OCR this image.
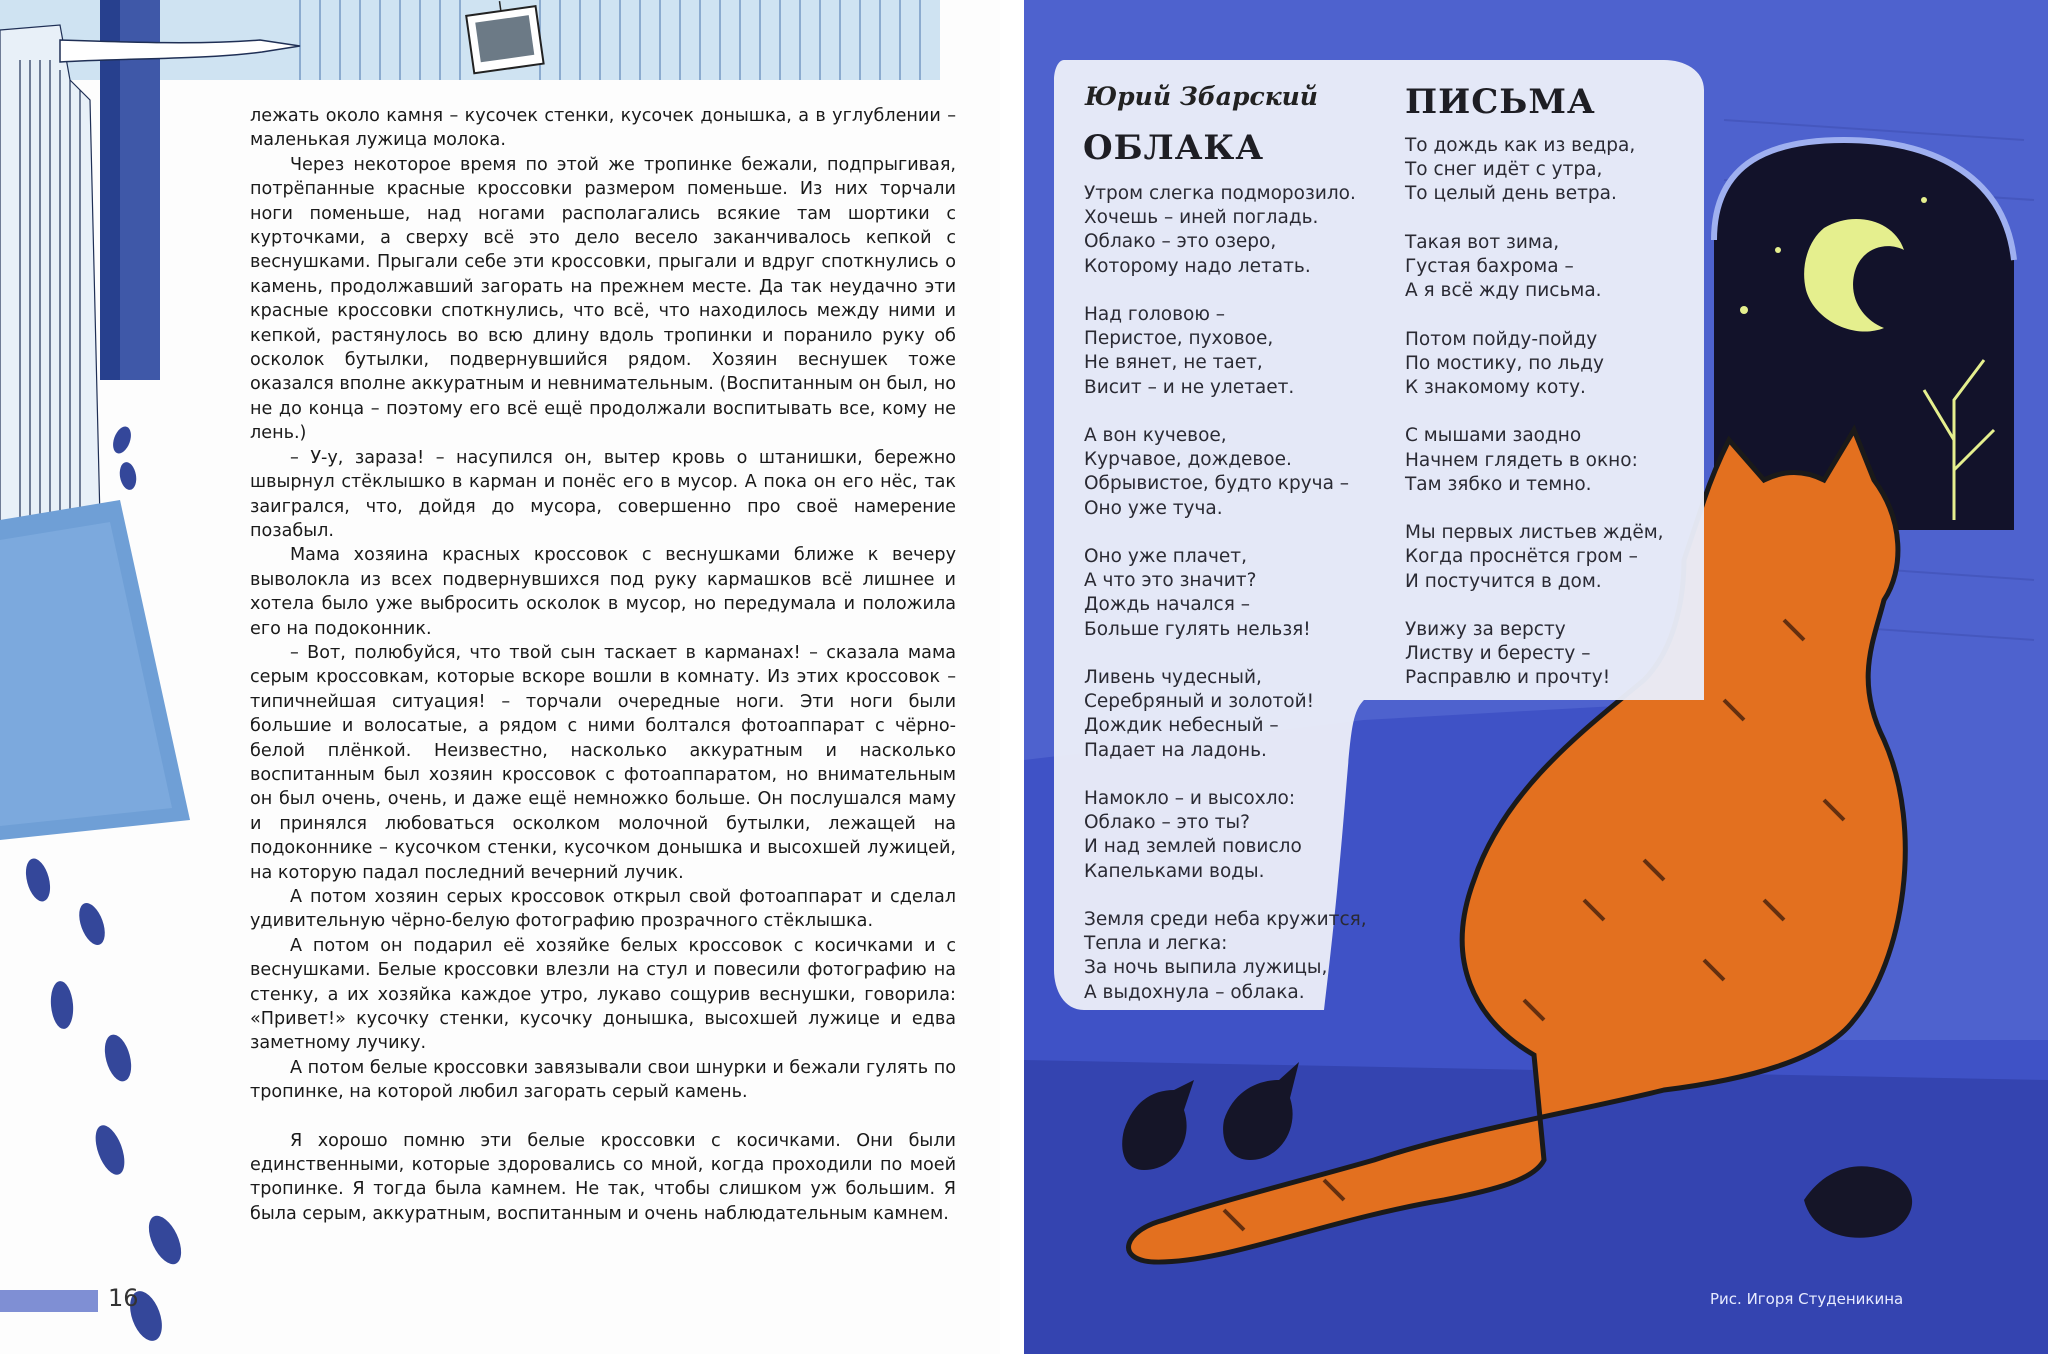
лежать около камня – кусочек стенки, кусочек донышка, а в углублении – маленькая лужица молока.

Через некоторое время по этой же тропинке бежали, подпрыгивая, потрёпанные красные кроссовки размером поменьше. Из них торчали ноги поменьше, над ногами располагались всякие там шортики с курточками, а сверху всё это дело весело заканчивалось кепкой с веснушками. Прыгали себе эти кроссовки, прыгали и вдруг споткнулись о камень, продолжавший загорать на прежнем месте. Да так неудачно эти красные кроссовки споткнулись, что всё, что находилось между ними и кепкой, растянулось во всю длину вдоль тропинки и поранило руку об осколок бутылки, подвернувшийся рядом. Хозяин веснушек тоже оказался вполне аккуратным и невнимательным. (Воспитанным он был, но не до конца – поэтому его всё ещё продолжали воспитывать все, кому не лень.)

– У-у, зараза! – насупился он, вытер кровь о штанишки, бережно швырнул стёклышко в карман и понёс его в мусор. А пока он его нёс, так заигрался, что, дойдя до мусора, совершенно про своё намерение позабыл.

Мама хозяина красных кроссовок с веснушками ближе к вечеру выволокла из всех подвернувшихся под руку кармашков всё лишнее и хотела было уже выбросить осколок в мусор, но передумала и положила его на подоконник.

– Вот, полюбуйся, что твой сын таскает в карманах! – сказала мама серым кроссовкам, которые вскоре вошли в комнату. Из этих кроссовок – типичнейшая ситуация! – торчали очередные ноги. Эти ноги были большие и волосатые, а рядом с ними болтался фотоаппарат с чёрно-белой плёнкой. Неизвестно, насколько аккуратным и насколько воспитанным был хозяин кроссовок с фотоаппаратом, но внимательным он был очень, очень, и даже ещё немножко больше. Он послушался маму и принялся любоваться осколком молочной бутылки, лежащей на подоконнике – кусочком стенки, кусочком донышка и высохшей лужицей, на которую падал последний вечерний лучик.

А потом хозяин серых кроссовок открыл свой фотоаппарат и сделал удивительную чёрно-белую фотографию прозрачного стёклышка.

А потом он подарил её хозяйке белых кроссовок с косичками и с веснушками. Белые кроссовки влезли на стул и повесили фотографию на стенку, а их хозяйка каждое утро, лукаво сощурив веснушки, говорила: «Привет!» кусочку стенки, кусочку донышка, высохшей лужице и едва заметному лучику.

А потом белые кроссовки завязывали свои шнурки и бежали гулять по тропинке, на которой любил загорать серый камень.

Я хорошо помню эти белые кроссовки с косичками. Они были единственными, которые здоровались со мной, когда проходили по моей тропинке. Я тогда была камнем. Не так, чтобы слишком уж большим. Я была серым, аккуратным, воспитанным и очень наблюдательным камнем.

16	Рис. Игоря Студеникина
Юрий Збарский
ОБЛАКА
ПИСЬМА
Утром слегка подморозило.
Хочешь – иней погладь.
Облако – это озеро,
Которому надо летать.
Над головою –
Перистое, пуховое,
Не вянет, не тает,
Висит – и не улетает.
А вон кучевое,
Курчавое, дождевое.
Обрывистое, будто круча –
Оно уже туча.
Оно уже плачет,
А что это значит?
Дождь начался –
Больше гулять нельзя!
Ливень чудесный,
Серебряный и золотой!
Дождик небесный –
Падает на ладонь.
Намокло – и высохло:
Облако – это ты?
И над землей повисло
Капельками воды.
Земля среди неба кружится,
Тепла и легка:
За ночь выпила лужицы,
А выдохнула – облака.
То дождь как из ведра,
То снег идёт с утра,
То целый день ветра.
Такая вот зима,
Густая бахрома –
А я всё жду письма.
Потом пойду-пойду
По мостику, по льду
К знакомому коту.
С мышами заодно
Начнем глядеть в окно:
Там зябко и темно.
Мы первых листьев ждём,
Когда проснётся гром –
И постучится в дом.
Увижу за версту
Листву и бересту –
Расправлю и прочту!
